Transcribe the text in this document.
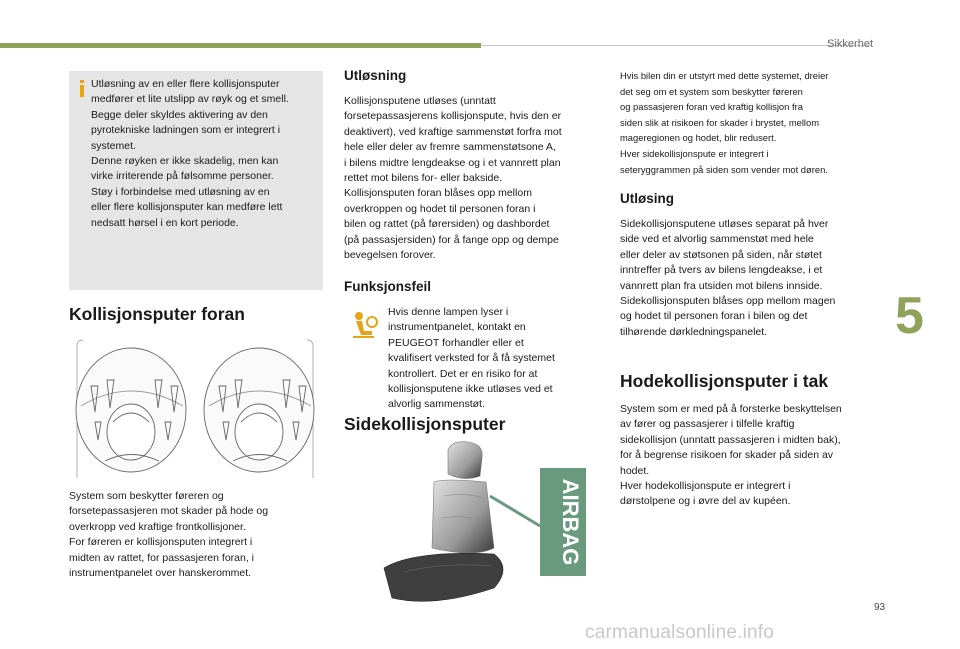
Sikkerhet
5
Utløsning av en eller flere kollisjonsputer
medfører et lite utslipp av røyk og et smell.
Begge deler skyldes aktivering av den
pyrotekniske ladningen som er integrert i
systemet.
Denne røyken er ikke skadelig, men kan
virke irriterende på følsomme personer.
Støy i forbindelse med utløsning av en
eller flere kollisjonsputer kan medføre lett
nedsatt hørsel i en kort periode.
Kollisjonsputer foran
System som beskytter føreren og
forsetepassasjeren mot skader på hode og
overkropp ved kraftige frontkollisjoner.
For føreren er kollisjonsputen integrert i
midten av rattet, for passasjeren foran, i
instrumentpanelet over hanskerommet.
Utløsning
Kollisjonsputene utløses (unntatt
forsetepassasjerens kollisjonspute, hvis den er
deaktivert), ved kraftige sammenstøt forfra mot
hele eller deler av fremre sammenstøtsone A,
i bilens midtre lengdeakse og i et vannrett plan
rettet mot bilens for- eller bakside.
Kollisjonsputen foran blåses opp mellom
overkroppen og hodet til personen foran i
bilen og rattet (på førersiden) og dashbordet
(på passasjersiden) for å fange opp og dempe
bevegelsen forover.
Funksjonsfeil
Hvis denne lampen lyser i
instrumentpanelet, kontakt en
PEUGEOT forhandler eller et
kvalifisert verksted for å få systemet
kontrollert. Det er en risiko for at
kollisjonsputene ikke utløses ved et
alvorlig sammenstøt.
Sidekollisjonsputer
AIRBAG
Hvis bilen din er utstyrt med dette systemet, dreier
det seg om et system som beskytter føreren
og passasjeren foran ved kraftig kollisjon fra
siden slik at risikoen for skader i brystet, mellom
mageregionen og hodet, blir redusert.
Hver sidekollisjonspute er integrert i
seteryggrammen på siden som vender mot døren.
Utløsing
Sidekollisjonsputene utløses separat på hver
side ved et alvorlig sammenstøt med hele
eller deler av støtsonen på siden, når støtet
inntreffer på tvers av bilens lengdeakse, i et
vannrett plan fra utsiden mot bilens innside.
Sidekollisjonsputen blåses opp mellom magen
og hodet til personen foran i bilen og det
tilhørende dørkledningspanelet.
Hodekollisjonsputer i tak
System som er med på å forsterke beskyttelsen
av fører og passasjerer i tilfelle kraftig
sidekollisjon (unntatt passasjeren i midten bak),
for å begrense risikoen for skader på siden av
hodet.
Hver hodekollisjonspute er integrert i
dørstolpene og i øvre del av kupéen.
93
carmanualsonline.info
